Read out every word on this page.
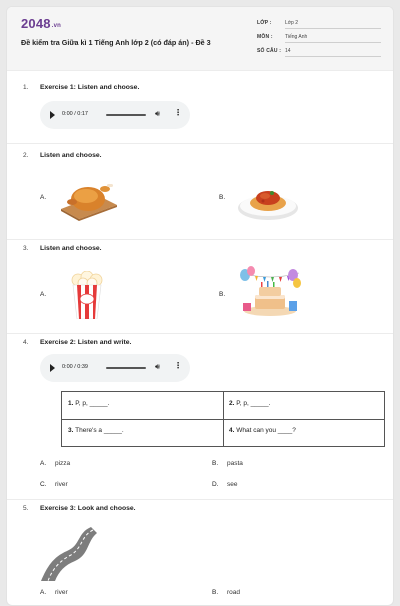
2048.vn
Đề kiểm tra Giữa kì 1 Tiếng Anh lớp 2 (có đáp án) - Đề 3
LỚP :	Lớp 2
MÔN : Tiếng Anh
SỐ CÂU : 14
1. Exercise 1: Listen and choose.
0:00 / 0:17	🔊︎ ⋮
2. Listen and choose.
A.	B.
3. Listen and choose.
A.	B.
4. Exercise 2: Listen and write.
0:00 / 0:39	🔊︎ ⋮
1. P, p, _____.	2. P, p, _____.
3. There's a _____.	4. What can you ____?
A. pizza	B. pasta
C. river	D. see
5. Exercise 3: Look and choose.
A. river	B. road
